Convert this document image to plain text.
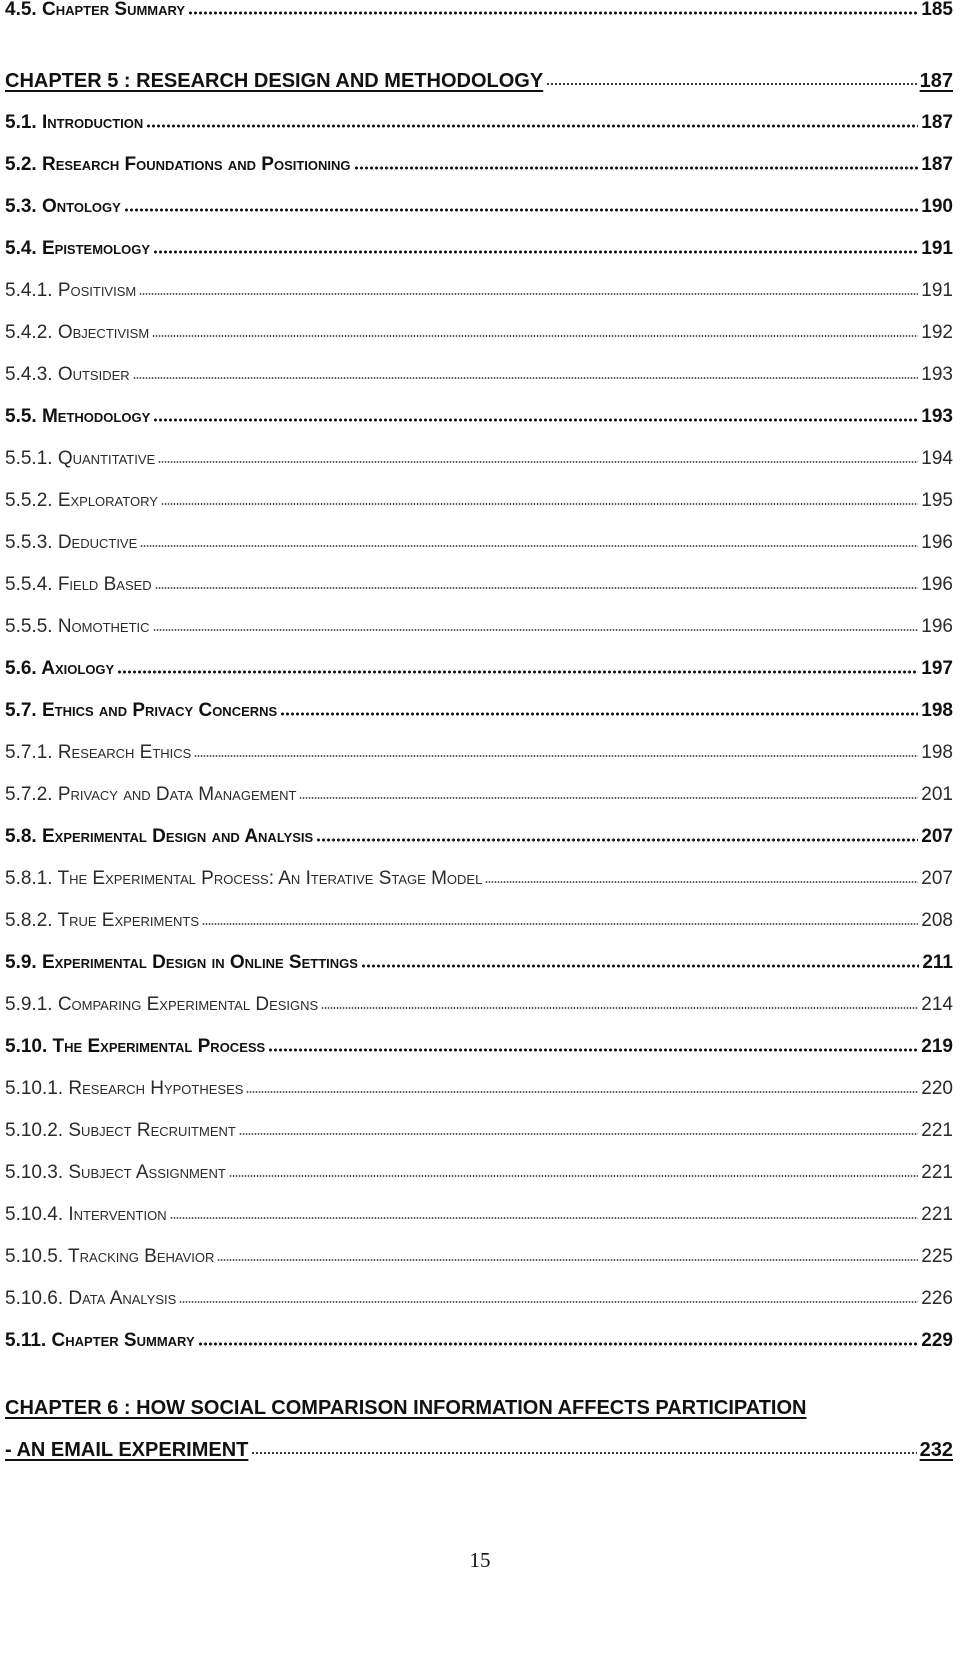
4.5. Chapter Summary	185
CHAPTER 5 : RESEARCH DESIGN AND METHODOLOGY	187
5.1. Introduction	187
5.2. Research Foundations and Positioning	187
5.3. Ontology	190
5.4. Epistemology	191
5.4.1. Positivism	191
5.4.2. Objectivism	192
5.4.3. Outsider	193
5.5. Methodology	193
5.5.1. Quantitative	194
5.5.2. Exploratory	195
5.5.3. Deductive	196
5.5.4. Field Based	196
5.5.5. Nomothetic	196
5.6. Axiology	197
5.7. Ethics and Privacy Concerns	198
5.7.1. Research Ethics	198
5.7.2. Privacy and Data Management	201
5.8. Experimental Design and Analysis	207
5.8.1. The Experimental Process: An Iterative Stage Model	207
5.8.2. True Experiments	208
5.9. Experimental Design in Online Settings	211
5.9.1. Comparing Experimental Designs	214
5.10. The Experimental Process	219
5.10.1. Research Hypotheses	220
5.10.2. Subject Recruitment	221
5.10.3. Subject Assignment	221
5.10.4. Intervention	221
5.10.5. Tracking Behavior	225
5.10.6. Data Analysis	226
5.11. Chapter Summary	229
CHAPTER 6 : HOW SOCIAL COMPARISON INFORMATION AFFECTS PARTICIPATION
- AN EMAIL EXPERIMENT	232
15
